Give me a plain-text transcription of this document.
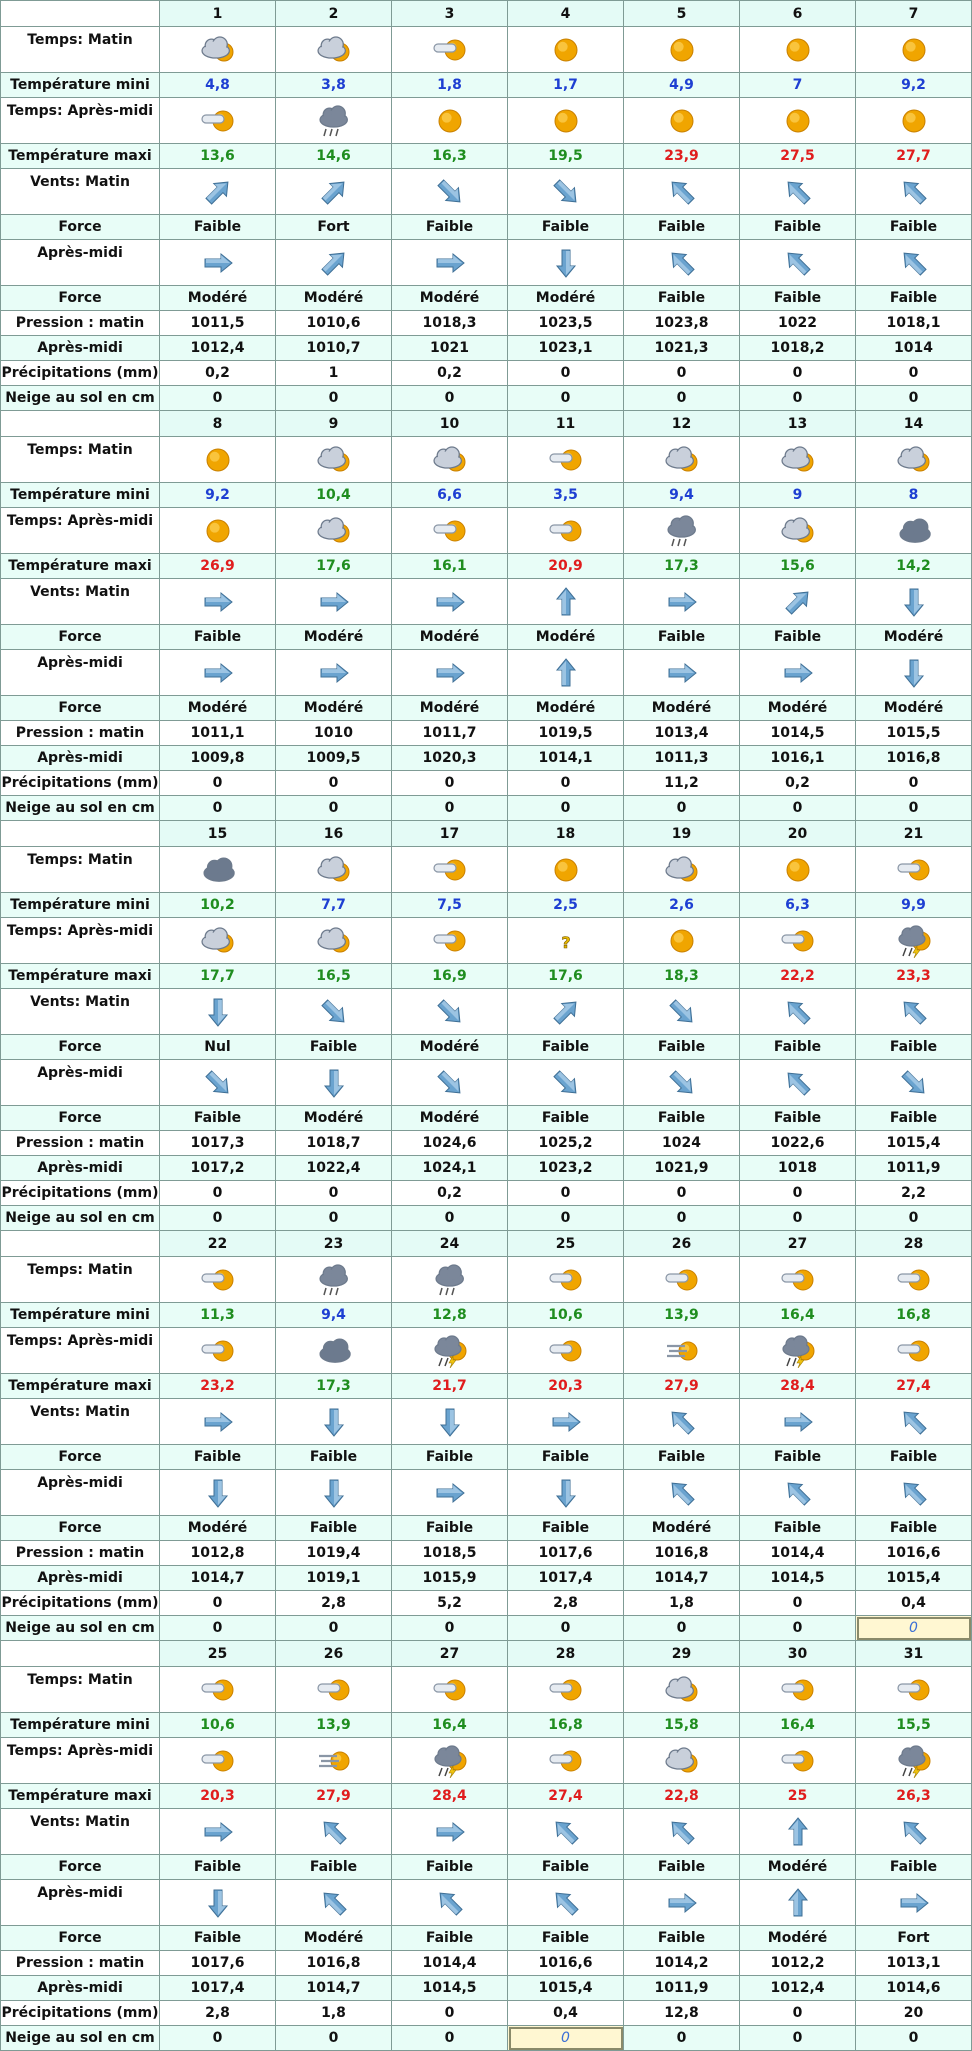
	1	2	3	4	5	6	7
Temps: Matin	

Température mini	4,8	3,8	1,8	1,7	4,9	7	9,2
Temps: Après-midi	

Température maxi	13,6	14,6	16,3	19,5	23,9	27,5	27,7
Vents: Matin	

Force	Faible	Fort	Faible	Faible	Faible	Faible	Faible
Après-midi	

Force	Modéré	Modéré	Modéré	Modéré	Faible	Faible	Faible
Pression : matin	1011,5	1010,6	1018,3	1023,5	1023,8	1022	1018,1
Après-midi	1012,4	1010,7	1021	1023,1	1021,3	1018,2	1014
Précipitations (mm)	0,2	1	0,2	0	0	0	0
Neige au sol en cm	0	0	0	0	0	0	0
	8	9	10	11	12	13	14
Temps: Matin	

Température mini	9,2	10,4	6,6	3,5	9,4	9	8
Temps: Après-midi	

Température maxi	26,9	17,6	16,1	20,9	17,3	15,6	14,2
Vents: Matin	

Force	Faible	Modéré	Modéré	Modéré	Faible	Faible	Modéré
Après-midi	

Force	Modéré	Modéré	Modéré	Modéré	Modéré	Modéré	Modéré
Pression : matin	1011,1	1010	1011,7	1019,5	1013,4	1014,5	1015,5
Après-midi	1009,8	1009,5	1020,3	1014,1	1011,3	1016,1	1016,8
Précipitations (mm)	0	0	0	0	11,2	0,2	0
Neige au sol en cm	0	0	0	0	0	0	0
	15	16	17	18	19	20	21
Temps: Matin	

Température mini	10,2	7,7	7,5	2,5	2,6	6,3	9,9
Temps: Après-midi				?

Température maxi	17,7	16,5	16,9	17,6	18,3	22,2	23,3
Vents: Matin	

Force	Nul	Faible	Modéré	Faible	Faible	Faible	Faible
Après-midi	

Force	Faible	Modéré	Modéré	Faible	Faible	Faible	Faible
Pression : matin	1017,3	1018,7	1024,6	1025,2	1024	1022,6	1015,4
Après-midi	1017,2	1022,4	1024,1	1023,2	1021,9	1018	1011,9
Précipitations (mm)	0	0	0,2	0	0	0	2,2
Neige au sol en cm	0	0	0	0	0	0	0
	22	23	24	25	26	27	28
Temps: Matin	

Température mini	11,3	9,4	12,8	10,6	13,9	16,4	16,8
Temps: Après-midi	

Température maxi	23,2	17,3	21,7	20,3	27,9	28,4	27,4
Vents: Matin	

Force	Faible	Faible	Faible	Faible	Faible	Faible	Faible
Après-midi	

Force	Modéré	Faible	Faible	Faible	Modéré	Faible	Faible
Pression : matin	1012,8	1019,4	1018,5	1017,6	1016,8	1014,4	1016,6
Après-midi	1014,7	1019,1	1015,9	1017,4	1014,7	1014,5	1015,4
Précipitations (mm)	0	2,8	5,2	2,8	1,8	0	0,4
Neige au sol en cm	0	0	0	0	0	0	0
	25	26	27	28	29	30	31
Temps: Matin	

Température mini	10,6	13,9	16,4	16,8	15,8	16,4	15,5
Temps: Après-midi	

Température maxi	20,3	27,9	28,4	27,4	22,8	25	26,3
Vents: Matin	

Force	Faible	Faible	Faible	Faible	Faible	Modéré	Faible
Après-midi	

Force	Faible	Modéré	Faible	Faible	Faible	Modéré	Fort
Pression : matin	1017,6	1016,8	1014,4	1016,6	1014,2	1012,2	1013,1
Après-midi	1017,4	1014,7	1014,5	1015,4	1011,9	1012,4	1014,6
Précipitations (mm)	2,8	1,8	0	0,4	12,8	0	20
Neige au sol en cm	0	0	0	0	0	0	0
